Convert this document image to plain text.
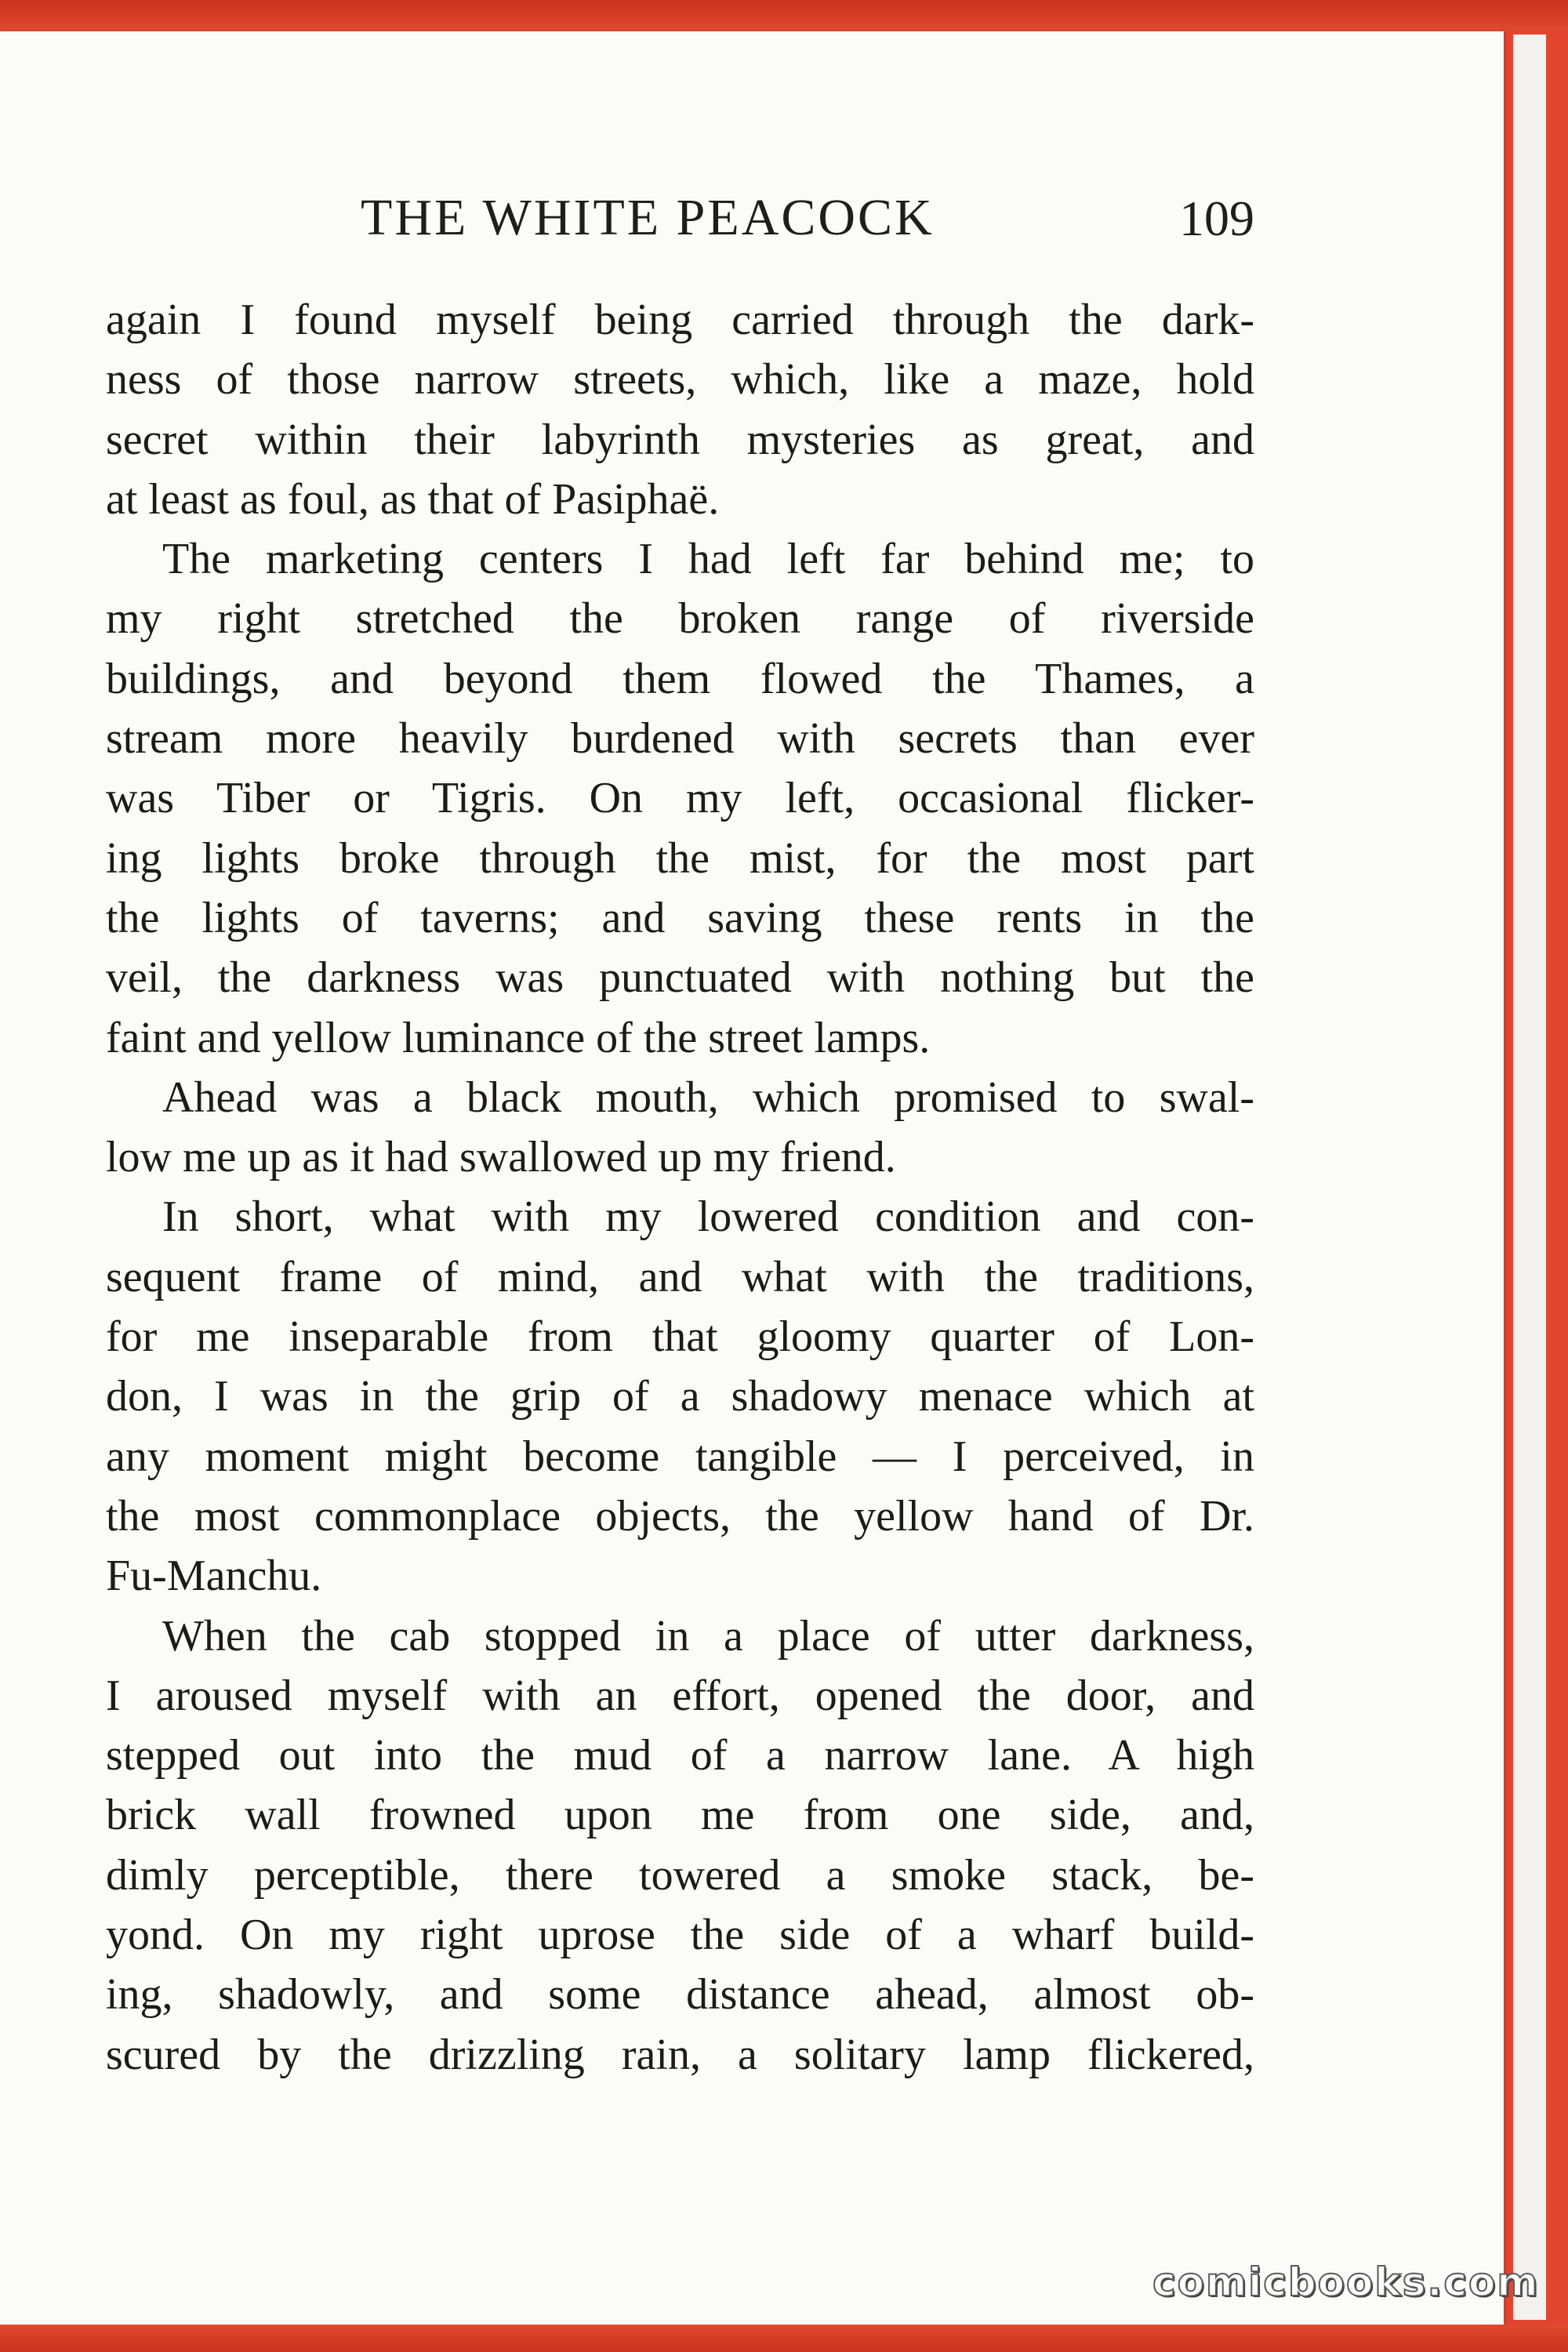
THE WHITE PEACOCK	109
again I found myself being carried through the dark-
ness of those narrow streets, which, like a maze, hold
secret within their labyrinth mysteries as great, and
at least as foul, as that of Pasiphaë.
The marketing centers I had left far behind me; to
my right stretched the broken range of riverside
buildings, and beyond them flowed the Thames, a
stream more heavily burdened with secrets than ever
was Tiber or Tigris. On my left, occasional flicker-
ing lights broke through the mist, for the most part
the lights of taverns; and saving these rents in the
veil, the darkness was punctuated with nothing but the
faint and yellow luminance of the street lamps.
Ahead was a black mouth, which promised to swal-
low me up as it had swallowed up my friend.
In short, what with my lowered condition and con-
sequent frame of mind, and what with the traditions,
for me inseparable from that gloomy quarter of Lon-
don, I was in the grip of a shadowy menace which at
any moment might become tangible — I perceived, in
the most commonplace objects, the yellow hand of Dr.
Fu-Manchu.
When the cab stopped in a place of utter darkness,
I aroused myself with an effort, opened the door, and
stepped out into the mud of a narrow lane. A high
brick wall frowned upon me from one side, and,
dimly perceptible, there towered a smoke stack, be-
yond. On my right uprose the side of a wharf build-
ing, shadowly, and some distance ahead, almost ob-
scured by the drizzling rain, a solitary lamp flickered,
comicbooks.com
